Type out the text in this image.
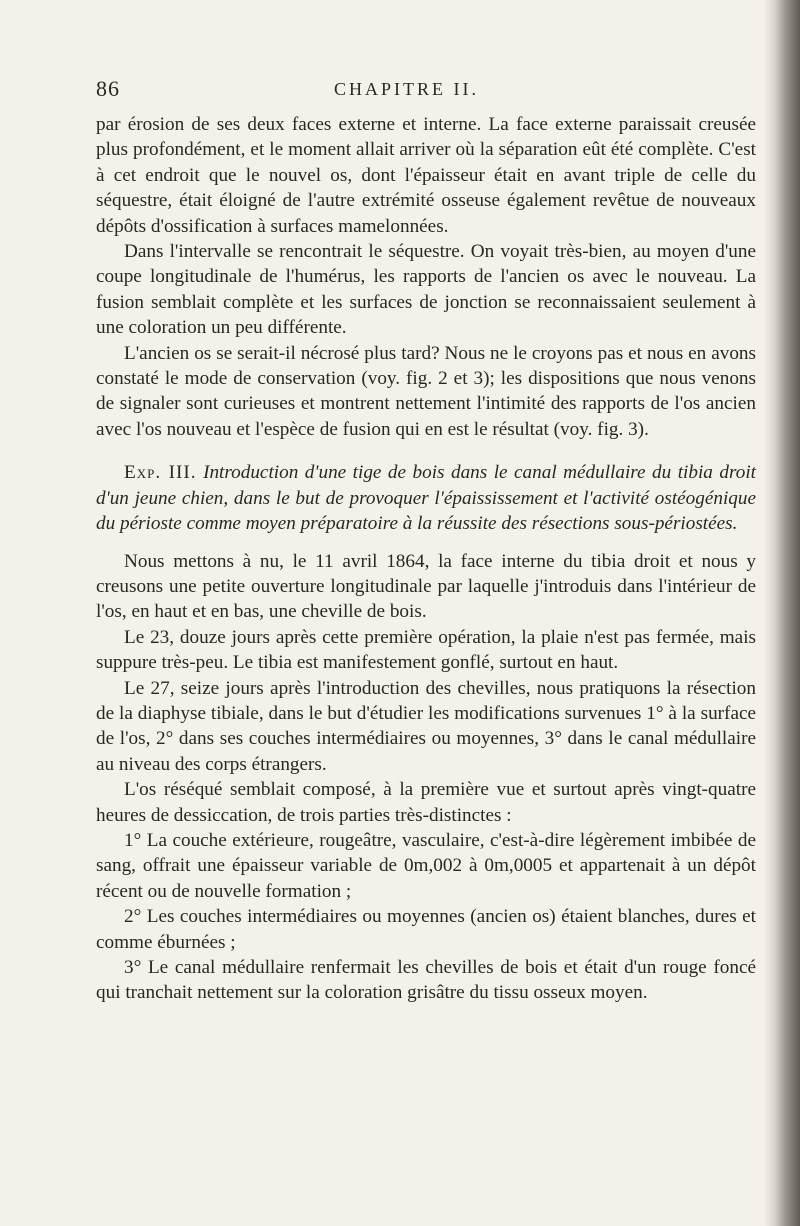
86	CHAPITRE II.

par érosion de ses deux faces externe et interne. La face externe paraissait creusée plus profondément, et le moment allait arriver où la séparation eût été complète. C'est à cet endroit que le nouvel os, dont l'épaisseur était en avant triple de celle du séquestre, était éloigné de l'autre extrémité osseuse également revêtue de nouveaux dépôts d'ossification à surfaces mamelonnées.

Dans l'intervalle se rencontrait le séquestre. On voyait très-bien, au moyen d'une coupe longitudinale de l'humérus, les rapports de l'ancien os avec le nouveau. La fusion semblait complète et les surfaces de jonction se reconnaissaient seulement à une coloration un peu différente.

L'ancien os se serait-il nécrosé plus tard? Nous ne le croyons pas et nous en avons constaté le mode de conservation (voy. fig. 2 et 3); les dispositions que nous venons de signaler sont curieuses et montrent nettement l'intimité des rapports de l'os ancien avec l'os nouveau et l'espèce de fusion qui en est le résultat (voy. fig. 3).

Exp. III. Introduction d'une tige de bois dans le canal médullaire du tibia droit d'un jeune chien, dans le but de provoquer l'épaississement et l'activité ostéogénique du périoste comme moyen préparatoire à la réussite des résections sous-périostées.

Nous mettons à nu, le 11 avril 1864, la face interne du tibia droit et nous y creusons une petite ouverture longitudinale par laquelle j'introduis dans l'intérieur de l'os, en haut et en bas, une cheville de bois.

Le 23, douze jours après cette première opération, la plaie n'est pas fermée, mais suppure très-peu. Le tibia est manifestement gonflé, surtout en haut.

Le 27, seize jours après l'introduction des chevilles, nous pratiquons la résection de la diaphyse tibiale, dans le but d'étudier les modifications survenues 1° à la surface de l'os, 2° dans ses couches intermédiaires ou moyennes, 3° dans le canal médullaire au niveau des corps étrangers.

L'os réséqué semblait composé, à la première vue et surtout après vingt-quatre heures de dessiccation, de trois parties très-distinctes :

1° La couche extérieure, rougeâtre, vasculaire, c'est-à-dire légèrement imbibée de sang, offrait une épaisseur variable de 0m,002 à 0m,0005 et appartenait à un dépôt récent ou de nouvelle formation ;

2° Les couches intermédiaires ou moyennes (ancien os) étaient blanches, dures et comme éburnées ;

3° Le canal médullaire renfermait les chevilles de bois et était d'un rouge foncé qui tranchait nettement sur la coloration grisâtre du tissu osseux moyen.
